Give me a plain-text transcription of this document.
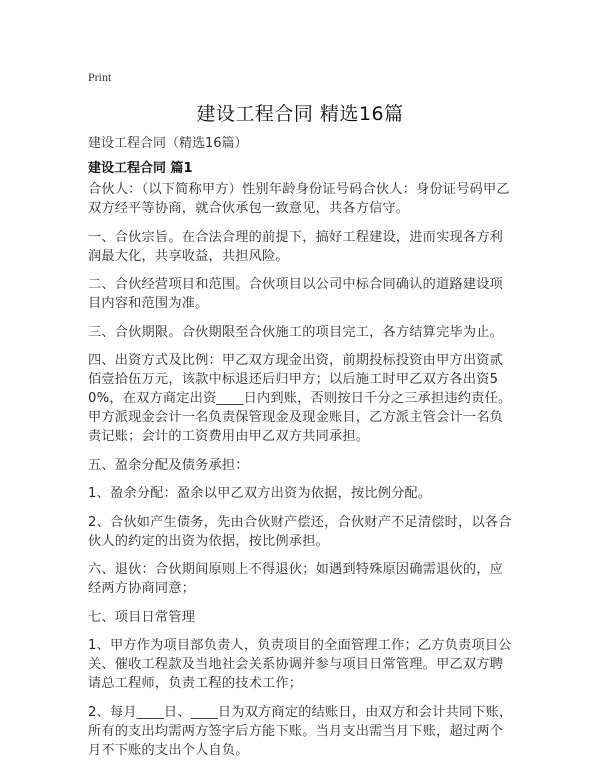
Print
建设工程合同 精选16篇
建设工程合同（精选16篇）
建设工程合同 篇1

合伙人：（以下简称甲方）性别年龄身份证号码合伙人：身份证号码甲乙双方经平等协商，就合伙承包一致意见，共各方信守。

一、合伙宗旨。在合法合理的前提下，搞好工程建设，进而实现各方利润最大化，共享收益，共担风险。

二、合伙经营项目和范围。合伙项目以公司中标合同确认的道路建设项目内容和范围为准。

三、合伙期限。合伙期限至合伙施工的项目完工，各方结算完毕为止。

四、出资方式及比例：甲乙双方现金出资，前期投标投资由甲方出资贰佰壹拾伍万元，该款中标退还后归甲方；以后施工时甲乙双方各出资50%，在双方商定出资____日内到账，否则按日千分之三承担违约责任。甲方派现金会计一名负责保管现金及现金账目，乙方派主管会计一名负责记账；会计的工资费用由甲乙双方共同承担。

五、盈余分配及债务承担：

1、盈余分配：盈余以甲乙双方出资为依据，按比例分配。

2、合伙如产生债务，先由合伙财产偿还，合伙财产不足清偿时，以各合伙人的约定的出资为依据，按比例承担。

六、退伙：合伙期间原则上不得退伙；如遇到特殊原因确需退伙的，应经两方协商同意；

七、项目日常管理

1、甲方作为项目部负责人，负责项目的全面管理工作；乙方负责项目公关、催收工程款及当地社会关系协调并参与项目日常管理。甲乙双方聘请总工程师，负责工程的技术工作；

2、每月____日、____日为双方商定的结账日，由双方和会计共同下账，所有的支出均需两方签字后方能下账。当月支出需当月下账，超过两个月不下账的支出个人自负。
